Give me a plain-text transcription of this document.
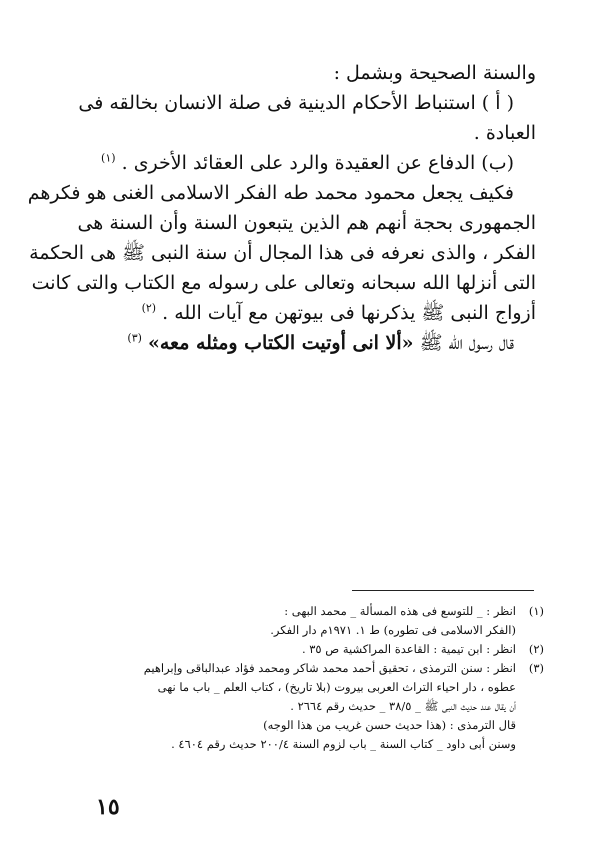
والسنة الصحيحة وبشمل :
( أ ) استنباط الأحكام الدينية فى صلة الانسان بخالقه فى
العبادة .
(ب) الدفاع عن العقيدة والرد على العقائد الأخرى . $^{(١)}$
فكيف يجعل محمود محمد طه الفكر الاسلامى الغنى هو فكرهم
الجمهورى بحجة أنهم هم الذين يتبعون السنة وأن السنة هى
الفكر ، والذى نعرفه فى هذا المجال أن سنة النبى ﷺ هى الحكمة
التى أنزلها الله سبحانه وتعالى على رسوله مع الكتاب والتى كانت
أزواج النبى ﷺ يذكرنها فى بيوتهن مع آيات الله . $^{(٢)}$
قال رسول الله ﷺ «ألا انى أوتيت الكتاب ومثله معه» $^{(٣)}$
(١)
انظر : _ للتوسع فى هذه المسألة _ محمد البهى :
(الفكر الاسلامى فى تطوره) ط ١. ١٩٧١م دار الفكر.
(٢)
انظر : ابن تيمية : القاعدة المراكشية ص ٣٥ .
(٣)
انظر : سنن الترمذى ، تحقيق أحمد محمد شاكر ومحمد فؤاد عبدالباقى وإبراهيم
عطوه ، دار احياء التراث العربى بيروت (بلا تاريخ) ، كتاب العلم _ باب ما نهى
أن يقال عند حديث النبى ﷺ _ ٣٨/٥ _ حديث رقم ٢٦٦٤ .
قال الترمذى : (هذا حديث حسن غريب من هذا الوجه)
وسنن أبى داود _ كتاب السنة _ باب لزوم السنة ٢٠٠/٤ حديث رقم ٤٦٠٤ .
١٥
